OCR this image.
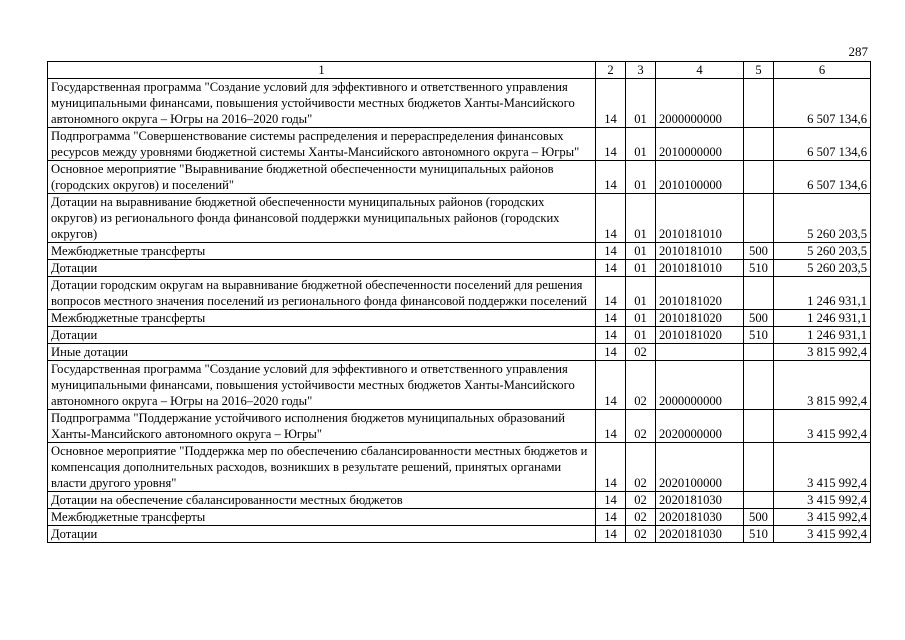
287
1	2	3	4	5	6
Государственная программа "Создание условий для эффективного и ответственного управления муниципальными финансами, повышения устойчивости местных бюджетов Ханты-Мансийского автономного округа – Югры на 2016–2020 годы"	14	01	2000000000		6 507 134,6
Подпрограмма "Совершенствование системы распределения и перераспределения финансовых ресурсов между уровнями бюджетной системы Ханты-Мансийского автономного округа – Югры"	14	01	2010000000		6 507 134,6
Основное мероприятие "Выравнивание бюджетной обеспеченности муниципальных районов (городских округов) и поселений"	14	01	2010100000		6 507 134,6
Дотации на выравнивание бюджетной обеспеченности муниципальных районов (городских округов) из регионального фонда финансовой поддержки муниципальных районов (городских округов)	14	01	2010181010		5 260 203,5
Межбюджетные трансферты	14	01	2010181010	500	5 260 203,5
Дотации	14	01	2010181010	510	5 260 203,5
Дотации городским округам на выравнивание бюджетной обеспеченности поселений для решения вопросов местного значения поселений из регионального фонда финансовой поддержки поселений	14	01	2010181020		1 246 931,1
Межбюджетные трансферты	14	01	2010181020	500	1 246 931,1
Дотации	14	01	2010181020	510	1 246 931,1
Иные дотации	14	02			3 815 992,4
Государственная программа "Создание условий для эффективного и ответственного управления муниципальными финансами, повышения устойчивости местных бюджетов Ханты-Мансийского автономного округа – Югры на 2016–2020 годы"	14	02	2000000000		3 815 992,4
Подпрограмма "Поддержание устойчивого исполнения бюджетов муниципальных образований Ханты-Мансийского автономного округа – Югры"	14	02	2020000000		3 415 992,4
Основное мероприятие "Поддержка мер по обеспечению сбалансированности местных бюджетов и компенсация дополнительных расходов, возникших в результате решений, принятых органами власти другого уровня"	14	02	2020100000		3 415 992,4
Дотации на обеспечение сбалансированности местных бюджетов	14	02	2020181030		3 415 992,4
Межбюджетные трансферты	14	02	2020181030	500	3 415 992,4
Дотации	14	02	2020181030	510	3 415 992,4
